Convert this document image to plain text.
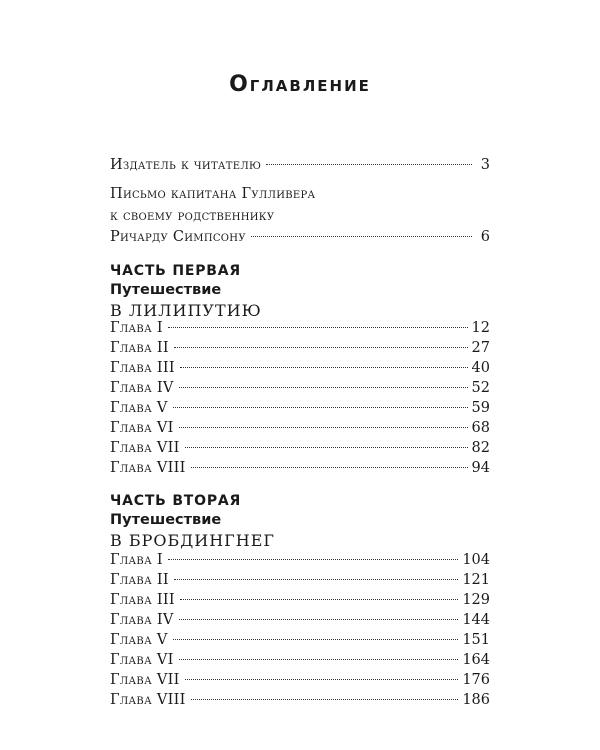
Оглавление
Издатель к читателю	3
Письмо капитана Гулливера
к своему родственнику
Ричарду Симпсону	6
ЧАСТЬ ПЕРВАЯ
Путешествие
В ЛИЛИПУТИЮ
Глава I	12
Глава II	27
Глава III	40
Глава IV	52
Глава V	59
Глава VI	68
Глава VII	82
Глава VIII	94
ЧАСТЬ ВТОРАЯ
Путешествие
В БРОБДИНГНЕГ
Глава I	104
Глава II	121
Глава III	129
Глава IV	144
Глава V	151
Глава VI	164
Глава VII	176
Глава VIII	186
